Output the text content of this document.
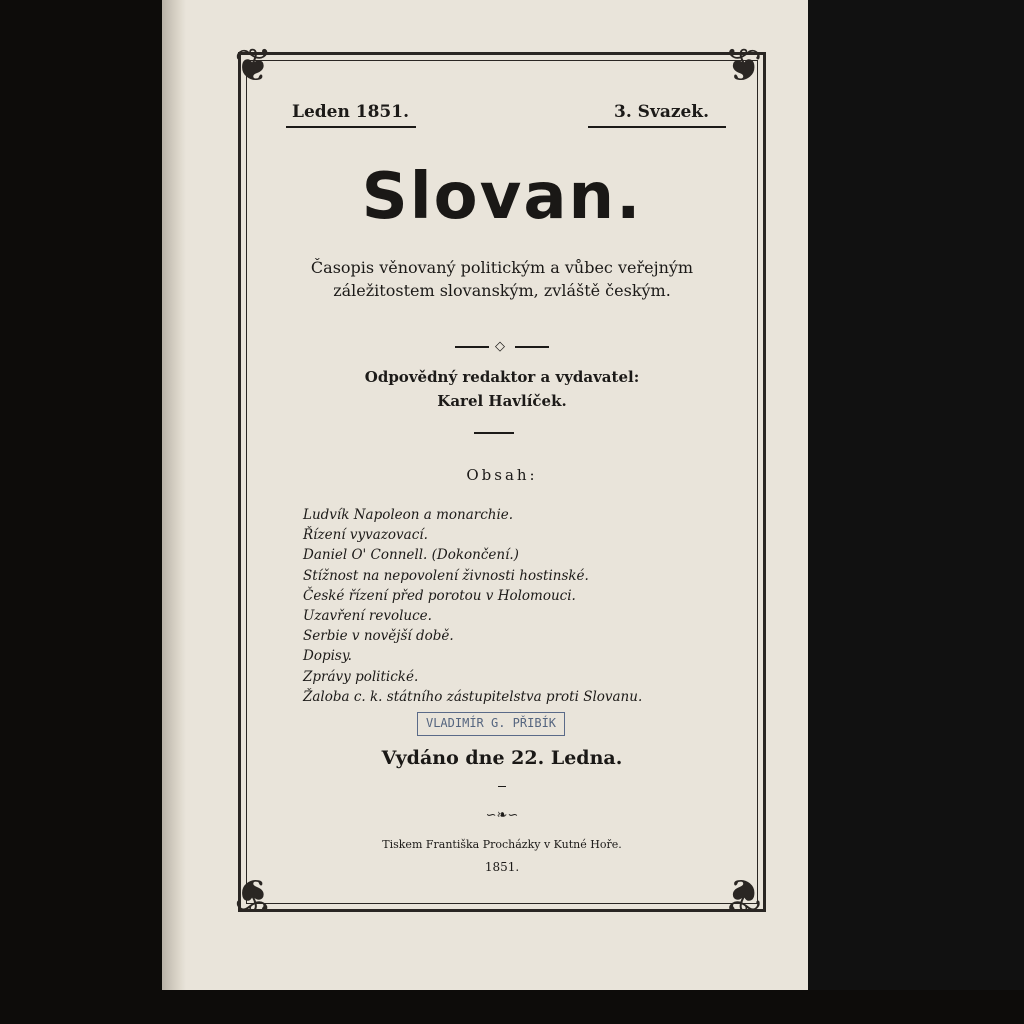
❦	❦
❦	❦
Leden 1851.	3. Svazek.
Slovan.
Časopis věnovaný politickým a vůbec veřejným
záležitostem slovanským, zvláště českým.
◇
Odpovědný redaktor a vydavatel:
Karel Havlíček.
Obsah:
Ludvík Napoleon a monarchie.
Řízení vyvazovací.
Daniel O' Connell. (Dokončení.)
Stížnost na nepovolení živnosti hostinské.
České řízení před porotou v Holomouci.
Uzavření revoluce.
Serbie v novější době.
Dopisy.
Zprávy politické.
Žaloba c. k. státního zástupitelstva proti Slovanu.
VLADIMÍR G. PŘIBÍK
Vydáno dne 22. Ledna.
∽❧∽
Tiskem Františka Procházky v Kutné Hoře.
1851.
